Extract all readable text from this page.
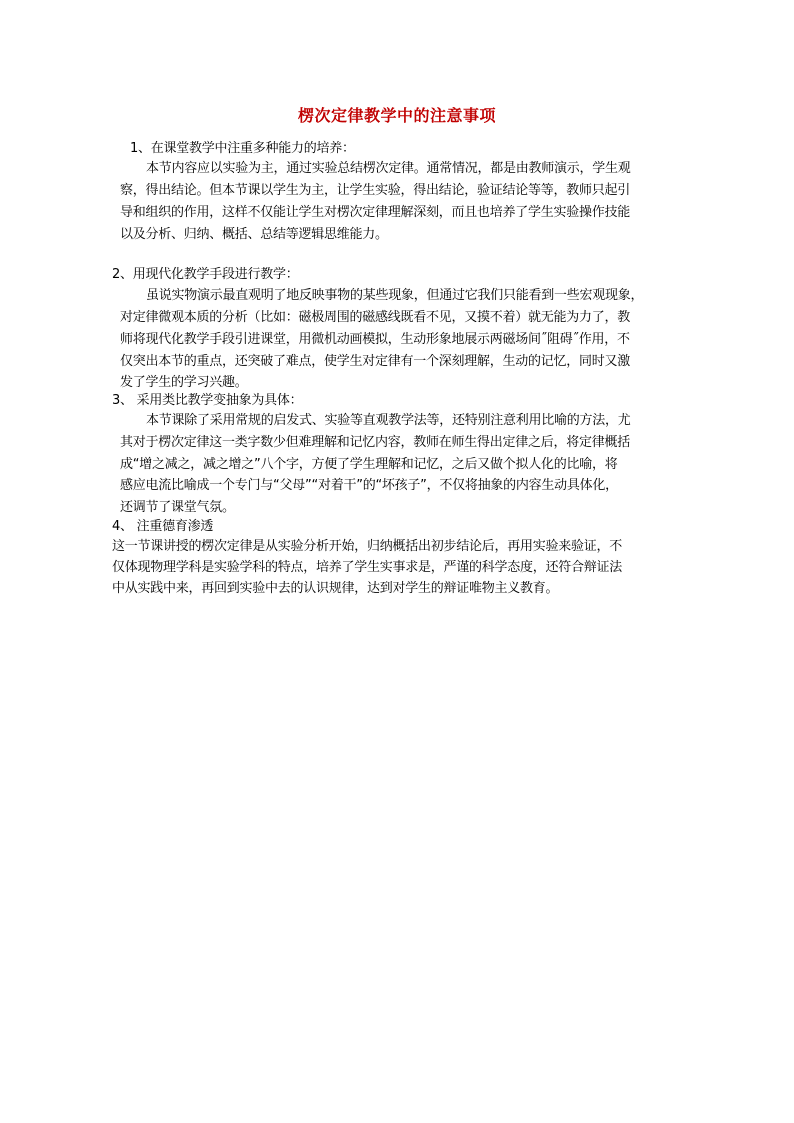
楞次定律教学中的注意事项
1、在课堂教学中注重多种能力的培养：
本节内容应以实验为主，通过实验总结楞次定律。通常情况，都是由教师演示，学生观
察，得出结论。但本节课以学生为主，让学生实验，得出结论，验证结论等等，教师只起引
导和组织的作用，这样不仅能让学生对楞次定律理解深刻，而且也培养了学生实验操作技能
以及分析、归纳、概括、总结等逻辑思维能力。
2、用现代化教学手段进行教学：
虽说实物演示最直观明了地反映事物的某些现象，但通过它我们只能看到一些宏观现象，
对定律微观本质的分析（比如：磁极周围的磁感线既看不见，又摸不着）就无能为力了，教
师将现代化教学手段引进课堂，用微机动画模拟，生动形象地展示两磁场间˝阻碍˝作用，不
仅突出本节的重点，还突破了难点，使学生对定律有一个深刻理解，生动的记忆，同时又激
发了学生的学习兴趣。
3、 采用类比教学变抽象为具体：
本节课除了采用常规的启发式、实验等直观教学法等，还特别注意利用比喻的方法，尤
其对于楞次定律这一类字数少但难理解和记忆内容，教师在师生得出定律之后，将定律概括
成“增之减之，减之增之”八个字，方便了学生理解和记忆，之后又做个拟人化的比喻，将
感应电流比喻成一个专门与“父母”“对着干”的“坏孩子”，不仅将抽象的内容生动具体化，
还调节了课堂气氛。
4、 注重德育渗透
这一节课讲授的楞次定律是从实验分析开始，归纳概括出初步结论后，再用实验来验证，不
仅体现物理学科是实验学科的特点，培养了学生实事求是，严谨的科学态度，还符合辩证法
中从实践中来，再回到实验中去的认识规律，达到对学生的辩证唯物主义教育。
